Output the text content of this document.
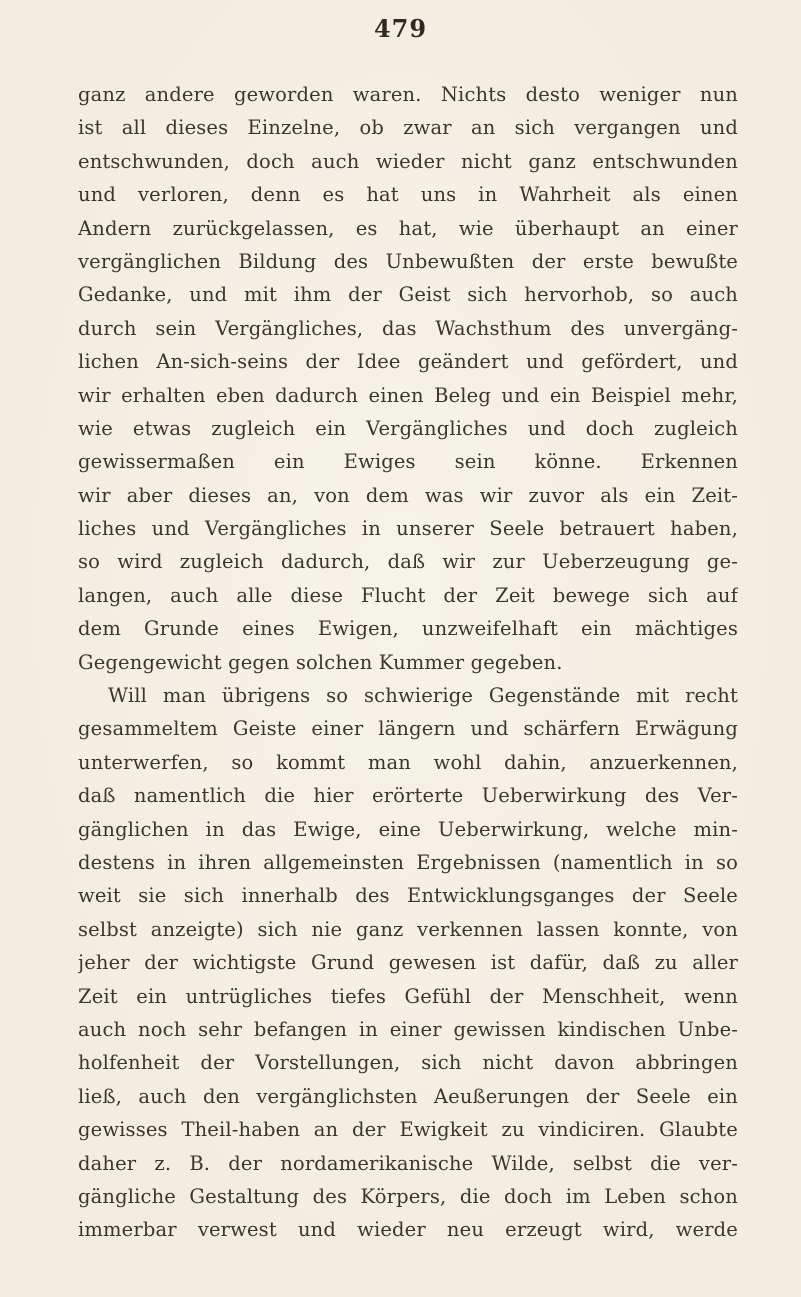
479
ganz andere geworden waren. Nichts desto weniger nun
ist all dieses Einzelne, ob zwar an sich vergangen und
entschwunden, doch auch wieder nicht ganz entschwunden
und verloren, denn es hat uns in Wahrheit als einen
Andern zurückgelassen, es hat, wie überhaupt an einer
vergänglichen Bildung des Unbewußten der erste bewußte
Gedanke, und mit ihm der Geist sich hervorhob, so auch
durch sein Vergängliches, das Wachsthum des unvergäng-
lichen An-sich-seins der Idee geändert und gefördert, und
wir erhalten eben dadurch einen Beleg und ein Beispiel mehr,
wie etwas zugleich ein Vergängliches und doch zugleich
gewissermaßen ein Ewiges sein könne. Erkennen
wir aber dieses an, von dem was wir zuvor als ein Zeit-
liches und Vergängliches in unserer Seele betrauert haben,
so wird zugleich dadurch, daß wir zur Ueberzeugung ge-
langen, auch alle diese Flucht der Zeit bewege sich auf
dem Grunde eines Ewigen, unzweifelhaft ein mächtiges
Gegengewicht gegen solchen Kummer gegeben.
Will man übrigens so schwierige Gegenstände mit recht
gesammeltem Geiste einer längern und schärfern Erwägung
unterwerfen, so kommt man wohl dahin, anzuerkennen,
daß namentlich die hier erörterte Ueberwirkung des Ver-
gänglichen in das Ewige, eine Ueberwirkung, welche min-
destens in ihren allgemeinsten Ergebnissen (namentlich in so
weit sie sich innerhalb des Entwicklungsganges der Seele
selbst anzeigte) sich nie ganz verkennen lassen konnte, von
jeher der wichtigste Grund gewesen ist dafür, daß zu aller
Zeit ein untrügliches tiefes Gefühl der Menschheit, wenn
auch noch sehr befangen in einer gewissen kindischen Unbe-
holfenheit der Vorstellungen, sich nicht davon abbringen
ließ, auch den vergänglichsten Aeußerungen der Seele ein
gewisses Theil-haben an der Ewigkeit zu vindiciren. Glaubte
daher z. B. der nordamerikanische Wilde, selbst die ver-
gängliche Gestaltung des Körpers, die doch im Leben schon
immerbar verwest und wieder neu erzeugt wird, werde
